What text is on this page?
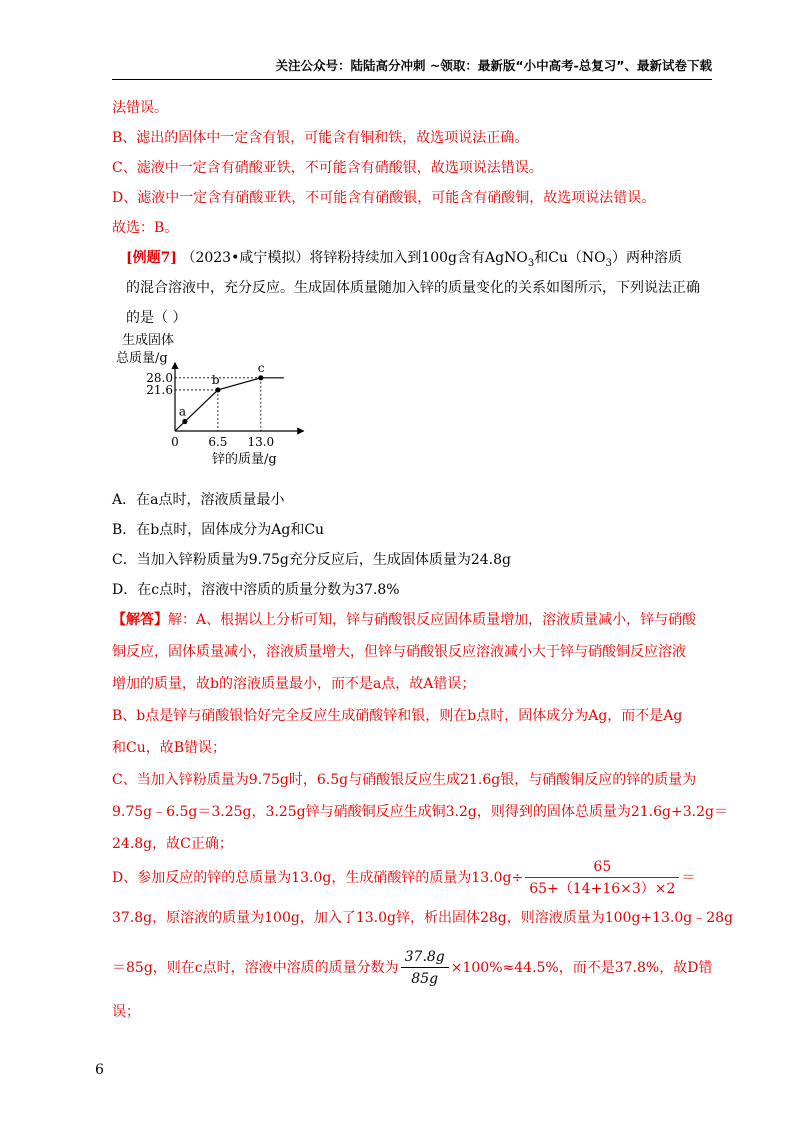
关注公众号：陆陆高分冲刺 ~领取：最新版“小中高考-总复习”、最新试卷下载
法错误。
B、滤出的固体中一定含有银，可能含有铜和铁，故选项说法正确。
C、滤液中一定含有硝酸亚铁，不可能含有硝酸银，故选项说法错误。
D、滤液中一定含有硝酸亚铁，不可能含有硝酸银，可能含有硝酸铜，故选项说法错误。
故选：B。
[例题7] （2023•咸宁模拟）将锌粉持续加入到100g含有AgNO$_3$和$Cu(NO_3)$两种溶质
的混合溶液中，充分反应。生成固体质量随加入锌的质量变化的关系如图所示，下列说法正确
的是（ ）
生成固体
总质量/g
锌的质量/g
a
b
c
28.0
21.6
6.5 13.0
0
A．在a点时，溶液质量最小
B．在b点时，固体成分为Ag和Cu
C．当加入锌粉质量为9.75g充分反应后，生成固体质量为24.8g
D．在c点时，溶液中溶质的质量分数为37.8%
【解答】解：A、根据以上分析可知，锌与硝酸银反应固体质量增加，溶液质量减小，锌与硝酸
铜反应，固体质量减小，溶液质量增大，但锌与硝酸银反应溶液减小大于锌与硝酸铜反应溶液
增加的质量，故b的溶液质量最小，而不是a点，故A错误；
B、b点是锌与硝酸银恰好完全反应生成硝酸锌和银，则在b点时，固体成分为Ag，而不是Ag
和Cu，故B错误；
C、当加入锌粉质量为9.75g时，6.5g与硝酸银反应生成21.6g银，与硝酸铜反应的锌的质量为
9.75g﹣6.5g＝3.25g，3.25g锌与硝酸铜反应生成铜3.2g，则得到的固体总质量为21.6g+3.2g＝
24.8g，故C正确；
D、参加反应的锌的总质量为13.0g，生成硝酸锌的质量为$13.0g\div \frac{65}{65+(14+16\times 3)\times 2}$ ＝
37.8g，原溶液的质量为100g，加入了13.0g锌，析出固体28g，则溶液质量为100g+13.0g﹣28g
＝85g，则在c点时，溶液中溶质的质量分数为 $\frac{37.8g}{85g} \times 100\%\approx 44.5\%$，而不是37.8%，故D错
误；
6
